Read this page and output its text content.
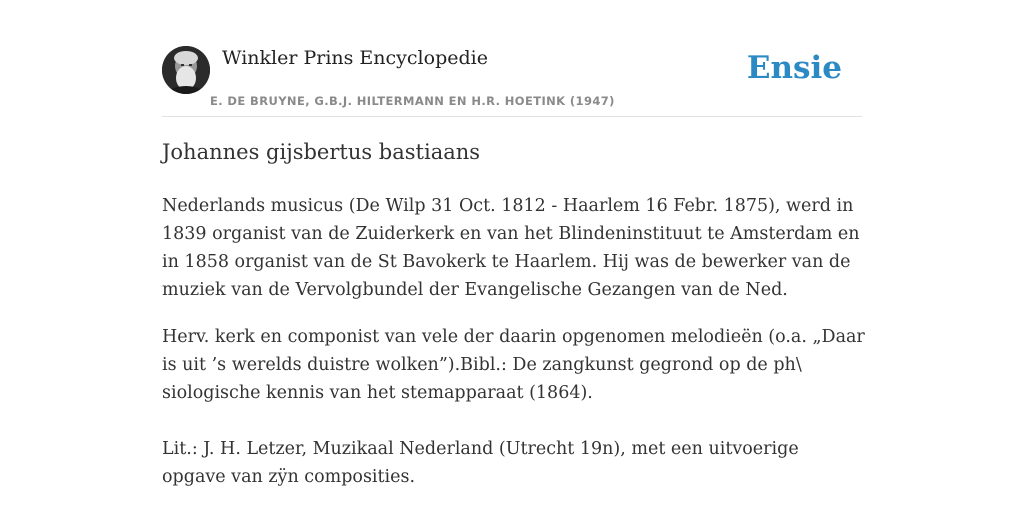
Winkler Prins Encyclopedie
E. DE BRUYNE, G.B.J. HILTERMANN EN H.R. HOETINK (1947)
Ensie
Johannes gijsbertus bastiaans

Nederlands musicus (De Wilp 31 Oct. 1812 - Haarlem 16 Febr. 1875), werd in 1839 organist van de Zuiderkerk en van het Blindeninstituut te Amsterdam en in 1858 organist van de St Bavokerk te Haarlem. Hij was de bewerker van de muziek van de Vervolgbundel der Evangelische Gezangen van de Ned.

Herv. kerk en componist van vele der daarin opgenomen melodieën (o.a. „Daar is uit ’s werelds duistre wolken”).Bibl.: De zangkunst gegrond op de ph\ siologische kennis van het stemapparaat (1864).

Lit.: J. H. Letzer, Muzikaal Nederland (Utrecht 19n), met een uitvoerige opgave van zÿn composities.
